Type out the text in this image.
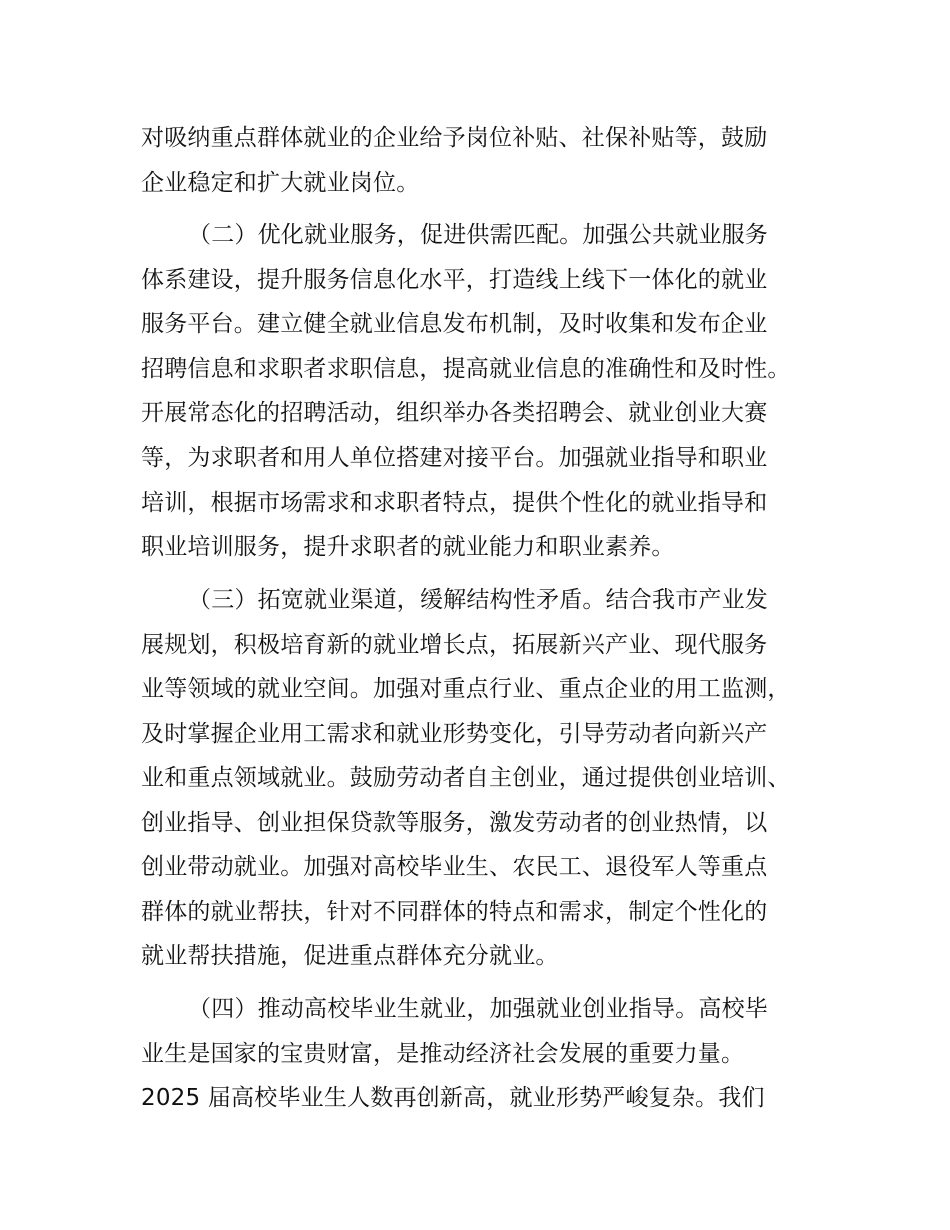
对吸纳重点群体就业的企业给予岗位补贴、社保补贴等，鼓励
企业稳定和扩大就业岗位。
（二）优化就业服务，促进供需匹配。加强公共就业服务
体系建设，提升服务信息化水平，打造线上线下一体化的就业
服务平台。建立健全就业信息发布机制，及时收集和发布企业
招聘信息和求职者求职信息，提高就业信息的准确性和及时性。
开展常态化的招聘活动，组织举办各类招聘会、就业创业大赛
等，为求职者和用人单位搭建对接平台。加强就业指导和职业
培训，根据市场需求和求职者特点，提供个性化的就业指导和
职业培训服务，提升求职者的就业能力和职业素养。
（三）拓宽就业渠道，缓解结构性矛盾。结合我市产业发
展规划，积极培育新的就业增长点，拓展新兴产业、现代服务
业等领域的就业空间。加强对重点行业、重点企业的用工监测，
及时掌握企业用工需求和就业形势变化，引导劳动者向新兴产
业和重点领域就业。鼓励劳动者自主创业，通过提供创业培训、
创业指导、创业担保贷款等服务，激发劳动者的创业热情，以
创业带动就业。加强对高校毕业生、农民工、退役军人等重点
群体的就业帮扶，针对不同群体的特点和需求，制定个性化的
就业帮扶措施，促进重点群体充分就业。
（四）推动高校毕业生就业，加强就业创业指导。高校毕
业生是国家的宝贵财富，是推动经济社会发展的重要力量。
2025 届高校毕业生人数再创新高，就业形势严峻复杂。我们
